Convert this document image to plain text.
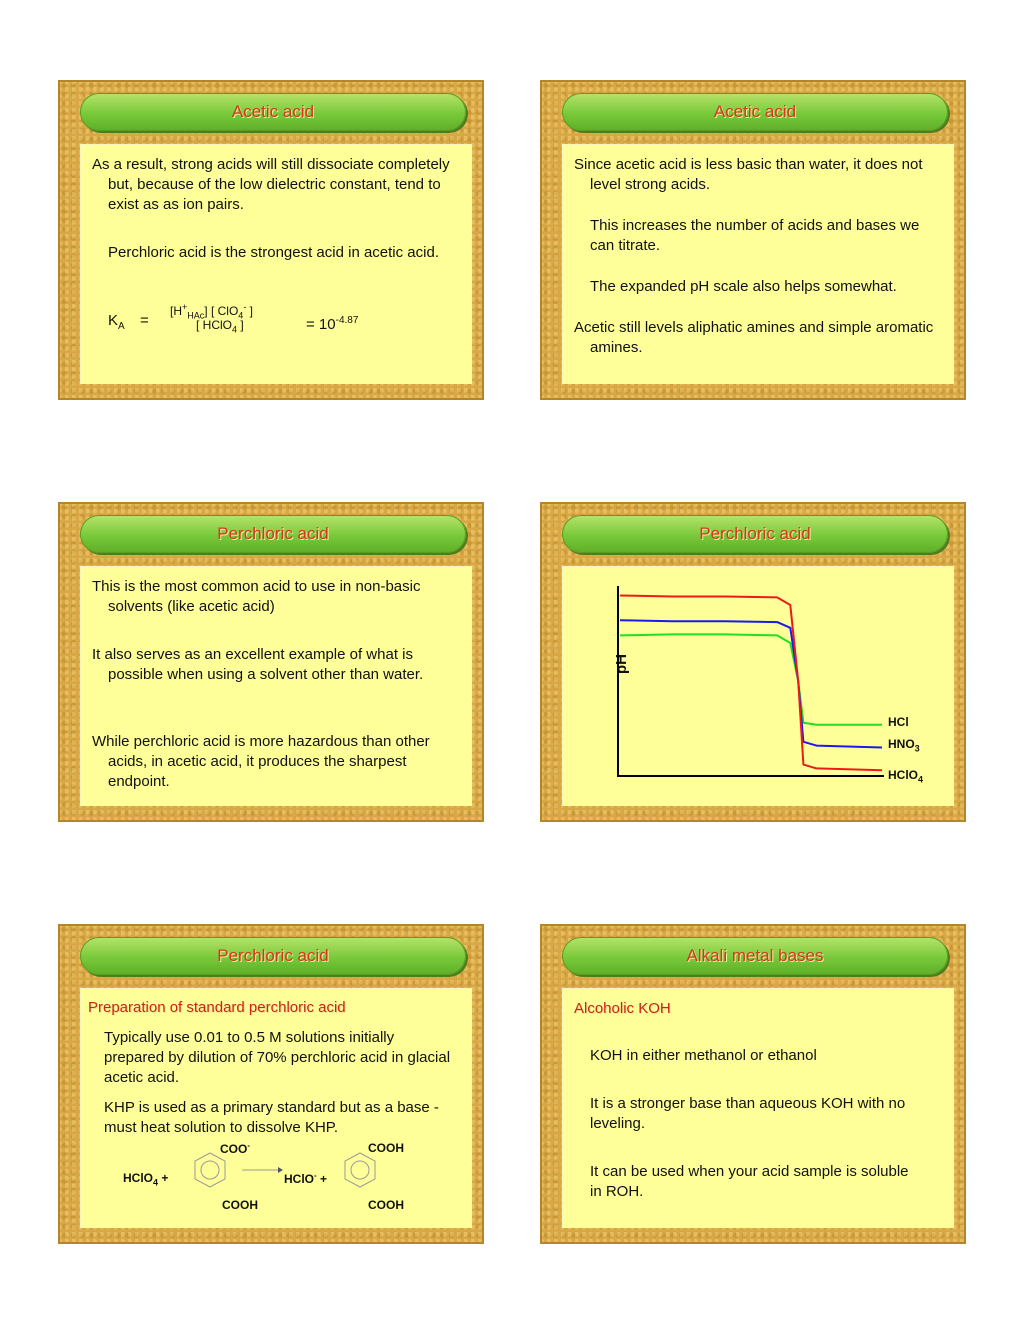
Acetic acid

As a result, strong acids will still dissociate completely but, because of the low dielectric constant, tend to exist as as ion pairs.

Perchloric acid is the strongest acid in acetic acid.

$K_A$ =
$[H^+_{HAc}]$ [ ClO$_4$- ]
[ HClO$_4$ ]	= $10^{-4.87}$
Acetic acid

Since acetic acid is less basic than water, it does not level strong acids.

This increases the number of acids and bases we can titrate.

The expanded pH scale also helps somewhat.

Acetic still levels aliphatic amines and simple aromatic amines.

Perchloric acid

This is the most common acid to use in non-basic solvents (like acetic acid)

It also serves as an excellent example of what is possible when using a solvent other than water.

While perchloric acid is more hazardous than other acids, in acetic acid, it produces the sharpest endpoint.

Perchloric acid
pH
HCl
$HNO_3$
HClO$_4$
Perchloric acid
Preparation of standard perchloric acid

Typically use 0.01 to 0.5 M solutions initially prepared by dilution of 70% perchloric acid in glacial acetic acid.

KHP is used as a primary standard but as a base - must heat solution to dissolve KHP.

COO-	COOH
HClO$_4$ +	HClO- +
COOH	COOH
Alkali metal bases
Alcoholic KOH

KOH in either methanol or ethanol

It is a stronger base than aqueous KOH with no leveling.

It can be used when your acid sample is soluble in ROH.
